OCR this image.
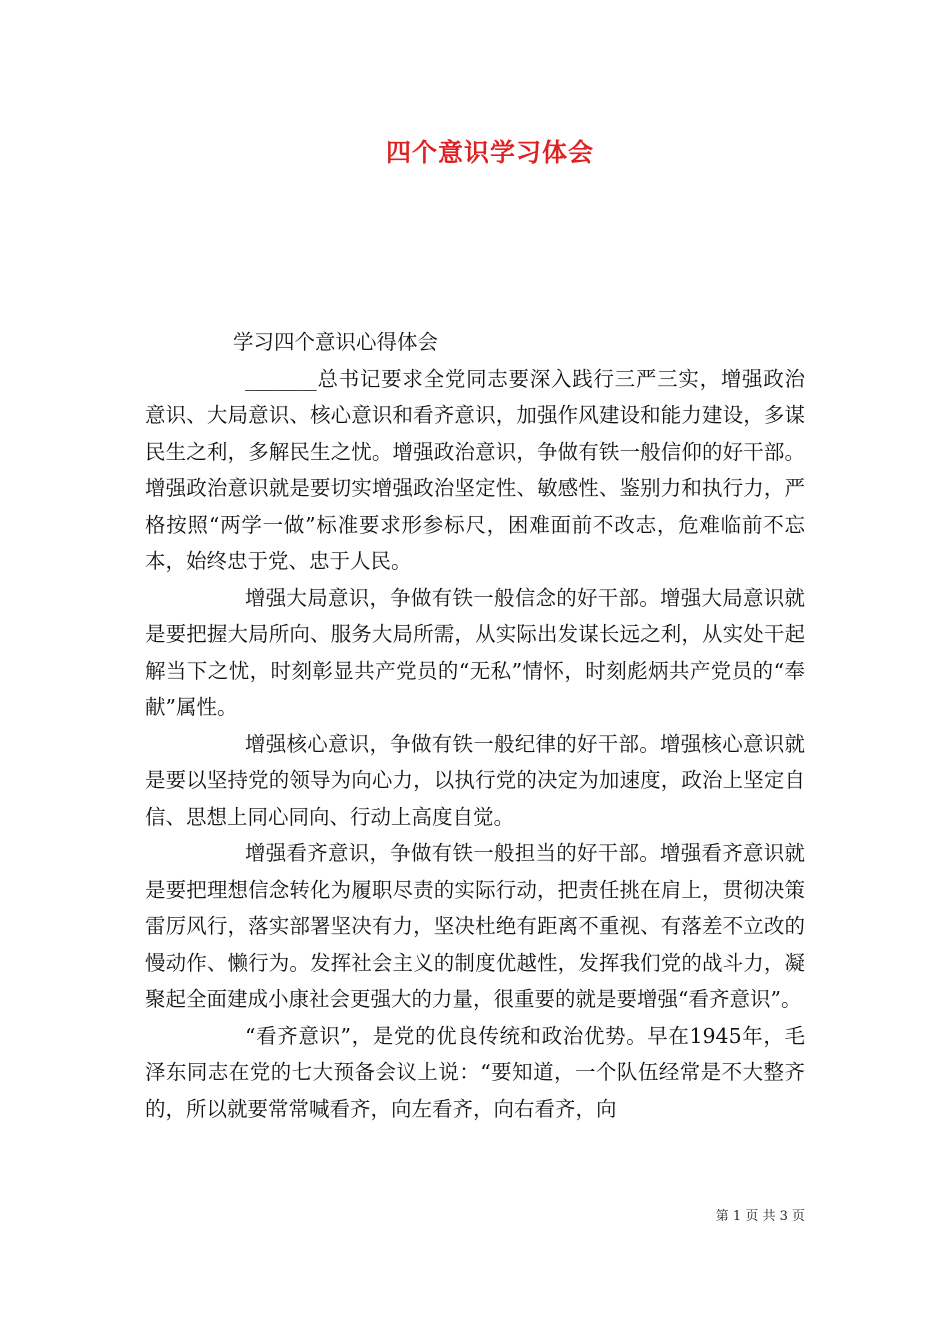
四个意识学习体会

学习四个意识心得体会

_______总书记要求全党同志要深入践行三严三实，增强政治意识、大局意识、核心意识和看齐意识，加强作风建设和能力建设，多谋民生之利，多解民生之忧。增强政治意识，争做有铁一般信仰的好干部。增强政治意识就是要切实增强政治坚定性、敏感性、鉴别力和执行力，严格按照“两学一做”标准要求形参标尺，困难面前不改志，危难临前不忘本，始终忠于党、忠于人民。

增强大局意识，争做有铁一般信念的好干部。增强大局意识就是要把握大局所向、服务大局所需，从实际出发谋长远之利，从实处干起解当下之忧，时刻彰显共产党员的“无私”情怀，时刻彪炳共产党员的“奉献”属性。

增强核心意识，争做有铁一般纪律的好干部。增强核心意识就是要以坚持党的领导为向心力，以执行党的决定为加速度，政治上坚定自信、思想上同心同向、行动上高度自觉。

增强看齐意识，争做有铁一般担当的好干部。增强看齐意识就是要把理想信念转化为履职尽责的实际行动，把责任挑在肩上，贯彻决策雷厉风行，落实部署坚决有力，坚决杜绝有距离不重视、有落差不立改的慢动作、懒行为。发挥社会主义的制度优越性，发挥我们党的战斗力，凝聚起全面建成小康社会更强大的力量，很重要的就是要增强“看齐意识”。

“看齐意识”，是党的优良传统和政治优势。早在1945年，毛泽东同志在党的七大预备会议上说：“要知道，一个队伍经常是不大整齐的，所以就要常常喊看齐，向左看齐，向右看齐，向

第 1 页 共 3 页
